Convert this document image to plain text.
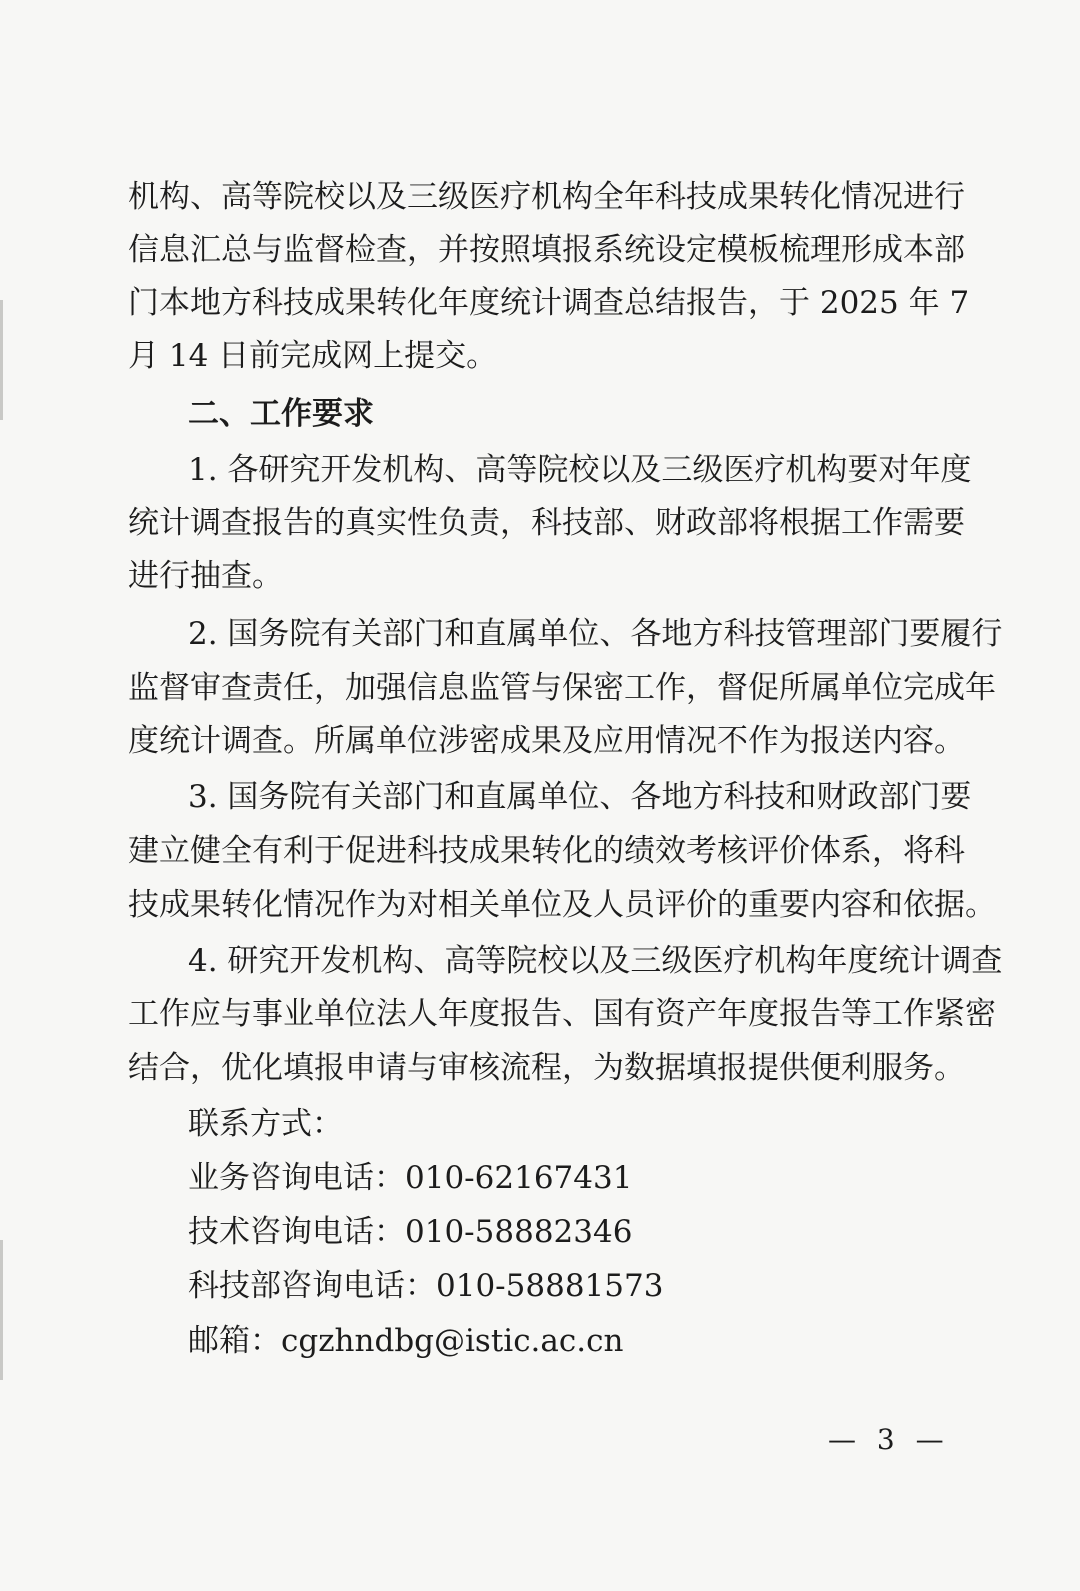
机构、高等院校以及三级医疗机构全年科技成果转化情况进行
信息汇总与监督检查，并按照填报系统设定模板梳理形成本部
门本地方科技成果转化年度统计调查总结报告，于 2025 年 7
月 14 日前完成网上提交。
二、工作要求
1. 各研究开发机构、高等院校以及三级医疗机构要对年度
统计调查报告的真实性负责，科技部、财政部将根据工作需要
进行抽查。
2. 国务院有关部门和直属单位、各地方科技管理部门要履行
监督审查责任，加强信息监管与保密工作，督促所属单位完成年
度统计调查。所属单位涉密成果及应用情况不作为报送内容。
3. 国务院有关部门和直属单位、各地方科技和财政部门要
建立健全有利于促进科技成果转化的绩效考核评价体系，将科
技成果转化情况作为对相关单位及人员评价的重要内容和依据。
4. 研究开发机构、高等院校以及三级医疗机构年度统计调查
工作应与事业单位法人年度报告、国有资产年度报告等工作紧密
结合，优化填报申请与审核流程，为数据填报提供便利服务。
联系方式：
业务咨询电话：010-62167431
技术咨询电话：010-58882346
科技部咨询电话：010-58881573
邮箱：cgzhndbg@istic.ac.cn
— 3 —
